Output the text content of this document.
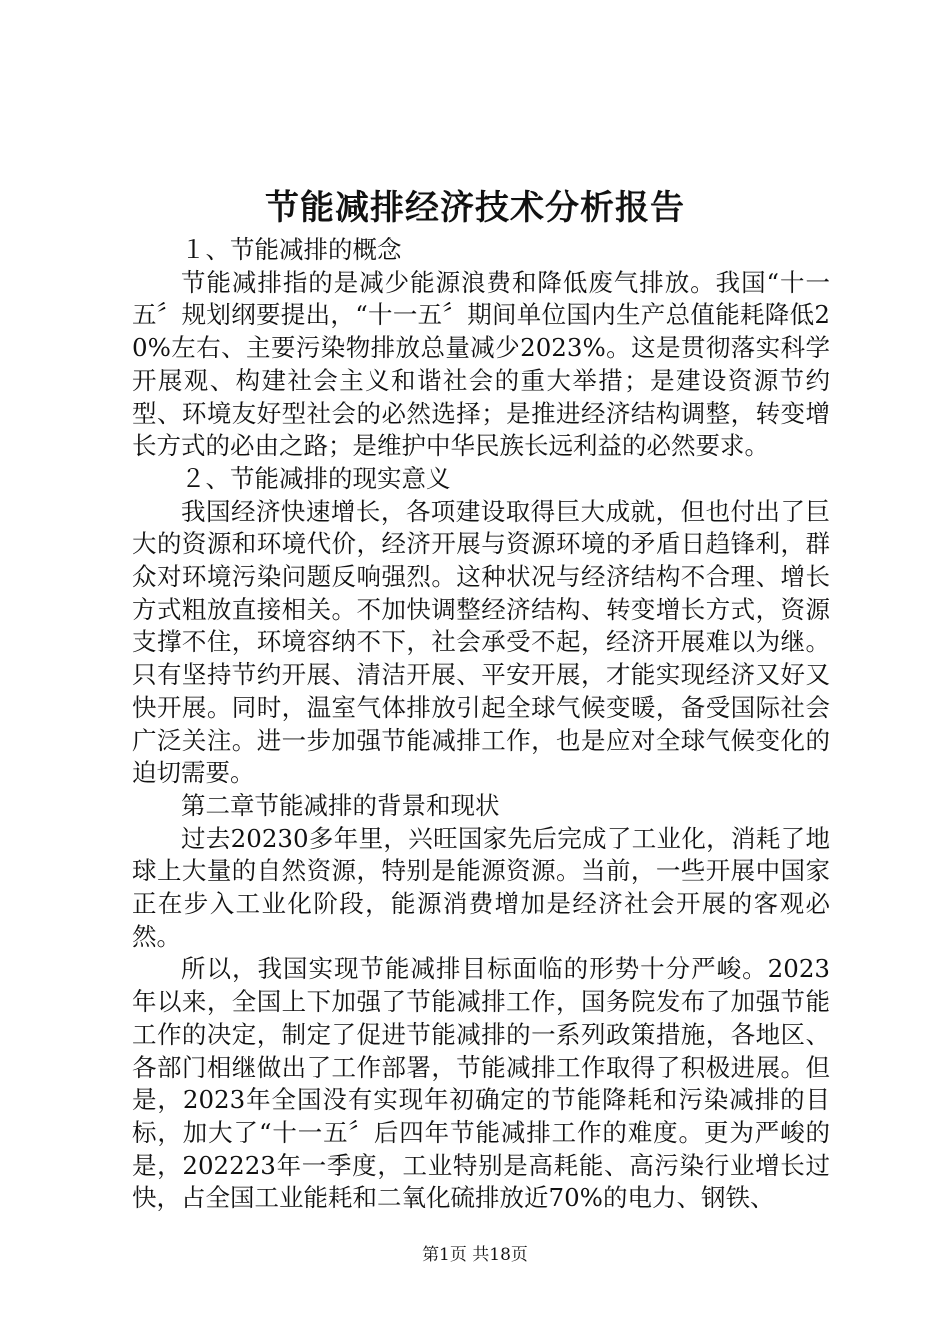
节能减排经济技术分析报告

１、节能减排的概念

节能减排指的是减少能源浪费和降低废气排放。我国“十一五〞规划纲要提出，“十一五〞期间单位国内生产总值能耗降低20%左右、主要污染物排放总量减少2023%。这是贯彻落实科学开展观、构建社会主义和谐社会的重大举措；是建设资源节约型、环境友好型社会的必然选择；是推进经济结构调整，转变增长方式的必由之路；是维护中华民族长远利益的必然要求。

２、节能减排的现实意义

我国经济快速增长，各项建设取得巨大成就，但也付出了巨大的资源和环境代价，经济开展与资源环境的矛盾日趋锋利，群众对环境污染问题反响强烈。这种状况与经济结构不合理、增长方式粗放直接相关。不加快调整经济结构、转变增长方式，资源支撑不住，环境容纳不下，社会承受不起，经济开展难以为继。只有坚持节约开展、清洁开展、平安开展，才能实现经济又好又快开展。同时，温室气体排放引起全球气候变暖，备受国际社会广泛关注。进一步加强节能减排工作，也是应对全球气候变化的迫切需要。

第二章节能减排的背景和现状

过去20230多年里，兴旺国家先后完成了工业化，消耗了地球上大量的自然资源，特别是能源资源。当前，一些开展中国家正在步入工业化阶段，能源消费增加是经济社会开展的客观必然。

所以，我国实现节能减排目标面临的形势十分严峻。2023年以来，全国上下加强了节能减排工作，国务院发布了加强节能工作的决定，制定了促进节能减排的一系列政策措施，各地区、各部门相继做出了工作部署，节能减排工作取得了积极进展。但是，2023年全国没有实现年初确定的节能降耗和污染减排的目标，加大了“十一五〞后四年节能减排工作的难度。更为严峻的是，202223年一季度，工业特别是高耗能、高污染行业增长过快，占全国工业能耗和二氧化硫排放近70%的电力、钢铁、

第1页 共18页
